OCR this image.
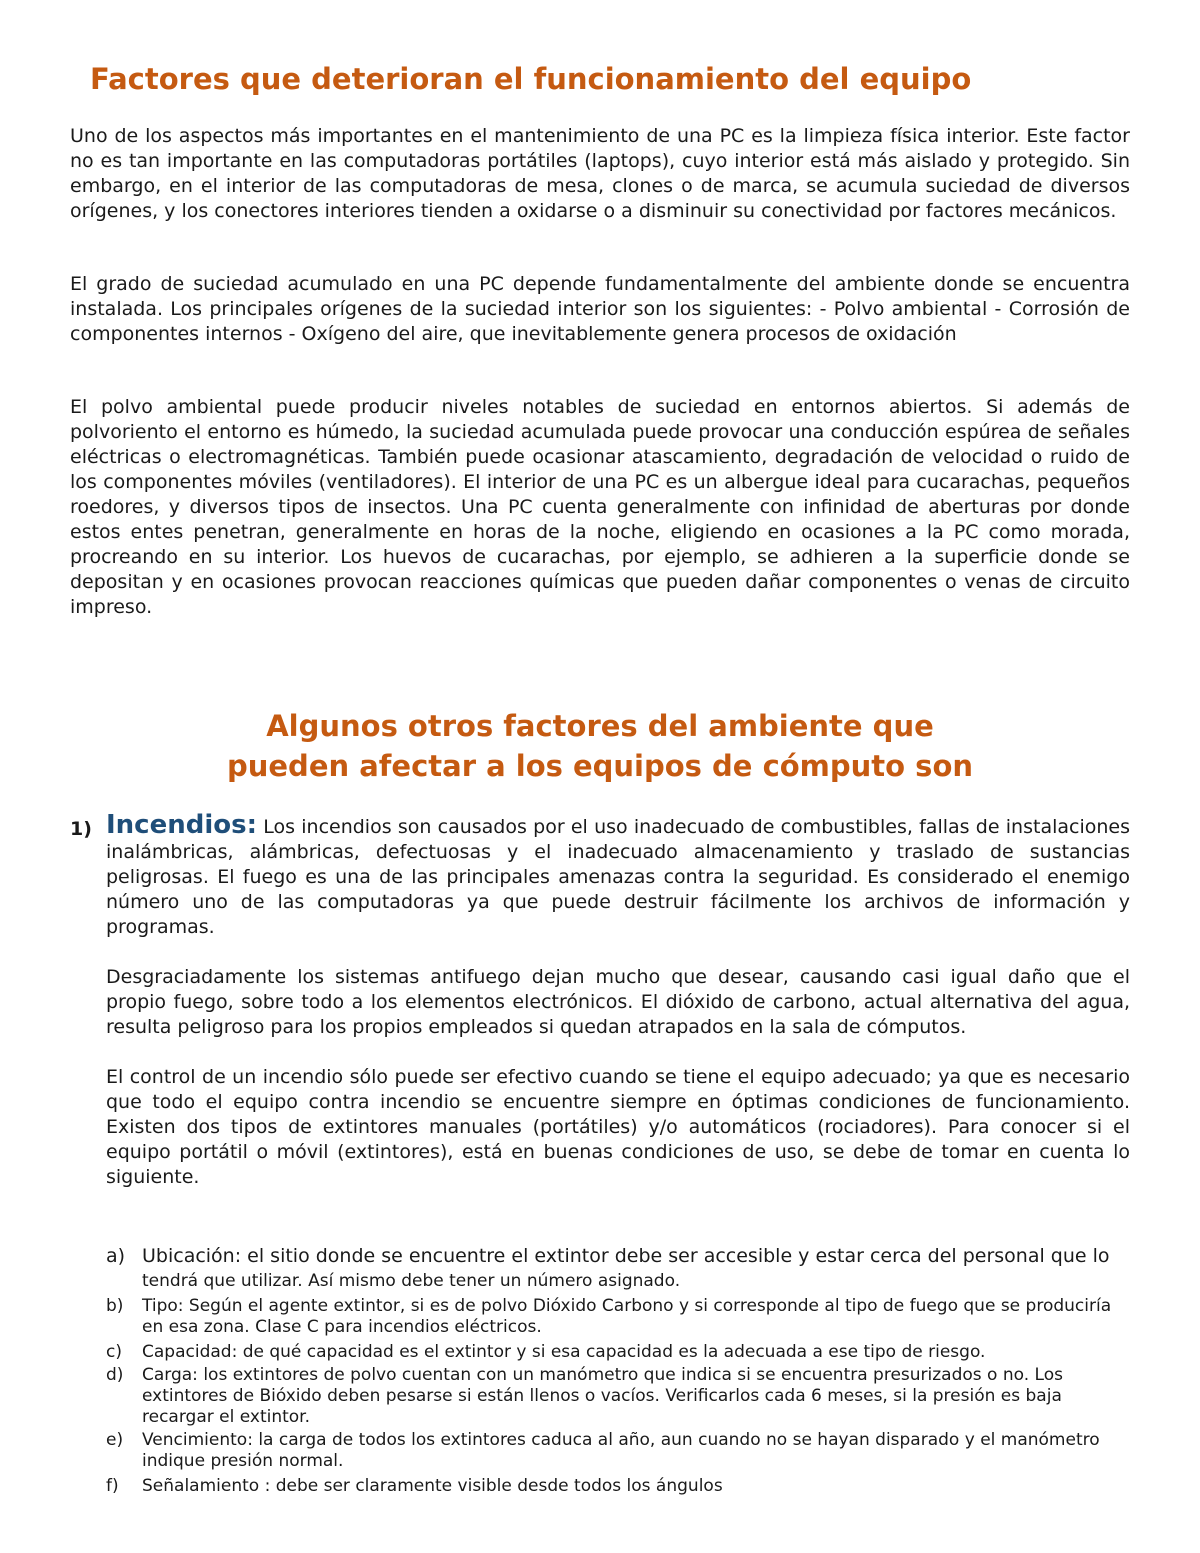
Factores que deterioran el funcionamiento del equipo

Uno de los aspectos más importantes en el mantenimiento de una PC es la limpieza física interior. Este factor no es tan importante en las computadoras portátiles (laptops), cuyo interior está más aislado y protegido. Sin embargo, en el interior de las computadoras de mesa, clones o de marca, se acumula suciedad de diversos orígenes, y los conectores interiores tienden a oxidarse o a disminuir su conectividad por factores mecánicos.

El grado de suciedad acumulado en una PC depende fundamentalmente del ambiente donde se encuentra instalada. Los principales orígenes de la suciedad interior son los siguientes: - Polvo ambiental - Corrosión de componentes internos - Oxígeno del aire, que inevitablemente genera procesos de oxidación

El polvo ambiental puede producir niveles notables de suciedad en entornos abiertos. Si además de polvoriento el entorno es húmedo, la suciedad acumulada puede provocar una conducción espúrea de señales eléctricas o electromagnéticas. También puede ocasionar atascamiento, degradación de velocidad o ruido de los componentes móviles (ventiladores). El interior de una PC es un albergue ideal para cucarachas, pequeños roedores, y diversos tipos de insectos. Una PC cuenta generalmente con infinidad de aberturas por donde estos entes penetran, generalmente en horas de la noche, eligiendo en ocasiones a la PC como morada, procreando en su interior. Los huevos de cucarachas, por ejemplo, se adhieren a la superficie donde se depositan y en ocasiones provocan reacciones químicas que pueden dañar componentes o venas de circuito impreso.

Algunos otros factores del ambiente que
pueden afectar a los equipos de cómputo son
1) Incendios: Los incendios son causados por el uso inadecuado de combustibles, fallas de instalaciones inalámbricas, alámbricas, defectuosas y el inadecuado almacenamiento y traslado de sustancias peligrosas. El fuego es una de las principales amenazas contra la seguridad. Es considerado el enemigo número uno de las computadoras ya que puede destruir fácilmente los archivos de información y programas.

Desgraciadamente los sistemas antifuego dejan mucho que desear, causando casi igual daño que el propio fuego, sobre todo a los elementos electrónicos. El dióxido de carbono, actual alternativa del agua, resulta peligroso para los propios empleados si quedan atrapados en la sala de cómputos.

El control de un incendio sólo puede ser efectivo cuando se tiene el equipo adecuado; ya que es necesario que todo el equipo contra incendio se encuentre siempre en óptimas condiciones de funcionamiento. Existen dos tipos de extintores manuales (portátiles) y/o automáticos (rociadores). Para conocer si el equipo portátil o móvil (extintores), está en buenas condiciones de uso, se debe de tomar en cuenta lo siguiente.

a) Ubicación: el sitio donde se encuentre el extintor debe ser accesible y estar cerca del personal que lo
tendrá que utilizar. Así mismo debe tener un número asignado.
b) Tipo: Según el agente extintor, si es de polvo Dióxido Carbono y si corresponde al tipo de fuego que se produciría en esa zona. Clase C para incendios eléctricos.
c) Capacidad: de qué capacidad es el extintor y si esa capacidad es la adecuada a ese tipo de riesgo.
d) Carga: los extintores de polvo cuentan con un manómetro que indica si se encuentra presurizados o no. Los extintores de Bióxido deben pesarse si están llenos o vacíos. Verificarlos cada 6 meses, si la presión es baja recargar el extintor.
e) Vencimiento: la carga de todos los extintores caduca al año, aun cuando no se hayan disparado y el manómetro indique presión normal.
f) Señalamiento : debe ser claramente visible desde todos los ángulos
